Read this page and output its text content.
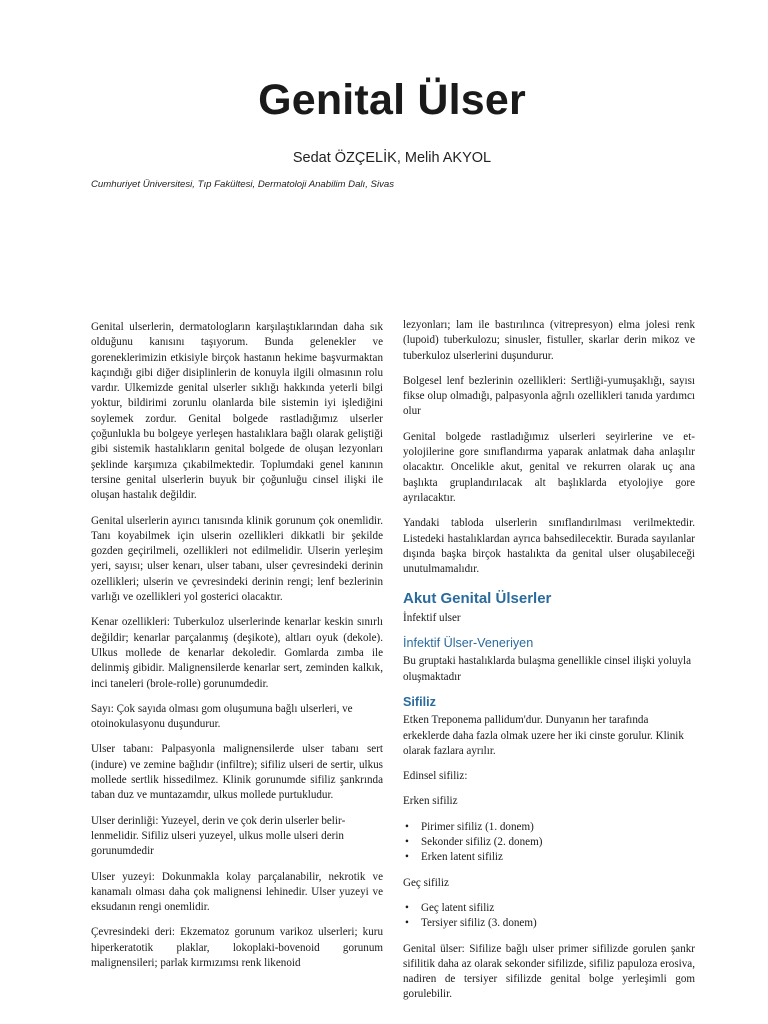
Genital Ülser
Sedat ÖZÇELİK, Melih AKYOL
Cumhuriyet Üniversitesi, Tıp Fakültesi, Dermatoloji Anabilim Dalı, Sivas

Genital ulserlerin, dermatologların karşılaştıklarından daha sık olduğunu kanısını taşıyorum. Bunda gelenekler ve goreneklerimizin etkisiyle birçok hastanın hekime başvurmaktan kaçındığı gibi diğer disiplinlerin de konuyla ilgili olmasının rolu vardır. Ulkemizde genital ulserler sıklığı hakkında yeterli bilgi yoktur, bildirimi zorunlu olanlarda bile sistemin iyi işlediğini soylemek zordur. Genital bolgede rastladığımız ulserler çoğunlukla bu bolgeye yerleşen hastalıklara bağlı olarak geliştiği gibi sistemik hastalıkların genital bolgede de oluşan lezyonları şeklinde karşımıza çıkabilmektedir. Toplumdaki genel kanının tersine genital ulserlerin buyuk bir çoğunluğu cinsel ilişki ile oluşan hastalık değildir.

Genital ulserlerin ayırıcı tanısında klinik gorunum çok onemlidir. Tanı koyabilmek için ulserin ozellikleri dikkatli bir şekilde gozden geçirilmeli, ozellikleri not edilmelidir. Ulserin yerleşim yeri, sayısı; ulser kenarı, ulser tabanı, ulser çevresindeki derinin ozellikleri; ulserin ve çevresindeki derinin rengi; lenf bezlerinin varlığı ve ozellikleri yol gosterici olacaktır.

Kenar ozellikleri: Tuberkuloz ulserlerinde kenarlar keskin sınırlı değildir; kenarlar parçalanmış (deşikote), altları oyuk (dekole). Ulkus mollede de kenarlar dekoledir. Gomlarda zımba ile delinmiş gibidir. Malignensilerde kenarlar sert, zeminden kalkık, inci taneleri (brole-rolle) gorunumdedir.

Sayı: Çok sayıda olması gom oluşumuna bağlı ulserleri, ve otoinokulasyonu duşundurur.

Ulser tabanı: Palpasyonla malignensilerde ulser tabanı sert (indure) ve zemine bağlıdır (infiltre); sifiliz ulseri de sertir, ulkus mollede sertlik hissedilmez. Klinik gorunumde sifiliz şankrında taban duz ve muntazamdır, ulkus mollede purtukludur.

Ulser derinliği: Yuzeyel, derin ve çok derin ulserler belirlenmelidir. Sifiliz ulseri yuzeyel, ulkus molle ulseri derin gorunumdedir

Ulser yuzeyi: Dokunmakla kolay parçalanabilir, nekrotik ve kanamalı olması daha çok malignensi lehinedir. Ulser yuzeyi ve eksudanın rengi onemlidir.

Çevresindeki deri: Ekzematoz gorunum varikoz ulserleri; kuru hiperkeratotik plaklar, lokoplaki-bovenoid gorunum malignensileri; parlak kırmızımsı renk likenoid

lezyonları; lam ile bastırılınca (vitrepresyon) elma jolesi renk (lupoid) tuberkulozu; sinusler, fistuller, skarlar derin mikoz ve tuberkuloz ulserlerini duşundurur.

Bolgesel lenf bezlerinin ozellikleri: Sertliği-yumuşaklığı, sayısı fikse olup olmadığı, palpasyonla ağrılı ozellikleri tanıda yardımcı olur

Genital bolgede rastladığımız ulserleri seyirlerine ve etyolojilerine gore sınıflandırma yaparak anlatmak daha anlaşılır olacaktır. Oncelikle akut, genital ve rekurren olarak uç ana başlıkta gruplandırılacak alt başlıklarda etyolojiye gore ayrılacaktır.

Yandaki tabloda ulserlerin sınıflandırılması verilmektedir. Listedeki hastalıklardan ayrıca bahsedilecektir. Burada sayılanlar dışında başka birçok hastalıkta da genital ulser oluşabileceği unutulmamalıdır.

Akut Genital Ülserler

İnfektif ulser

İnfektif Ülser-Veneriyen

Bu gruptaki hastalıklarda bulaşma genellikle cinsel ilişki yoluyla oluşmaktadır

Sifiliz

Etken Treponema pallidum'dur. Dunyanın her tarafında erkeklerde daha fazla olmak uzere her iki cinste gorulur. Klinik olarak fazlara ayrılır.

Edinsel sifiliz:

Erken sifiliz

• Pirimer sifiliz (1. donem)
• Sekonder sifiliz (2. donem)
• Erken latent sifiliz

Geç sifiliz

• Geç latent sifiliz
• Tersiyer sifiliz (3. donem)

Genital ülser: Sifilize bağlı ulser primer sifilizde gorulen şankr sifilitik daha az olarak sekonder sifilizde, sifiliz papuloza erosiva, nadiren de tersiyer sifilizde genital bolge yerleşimli gom gorulebilir.
